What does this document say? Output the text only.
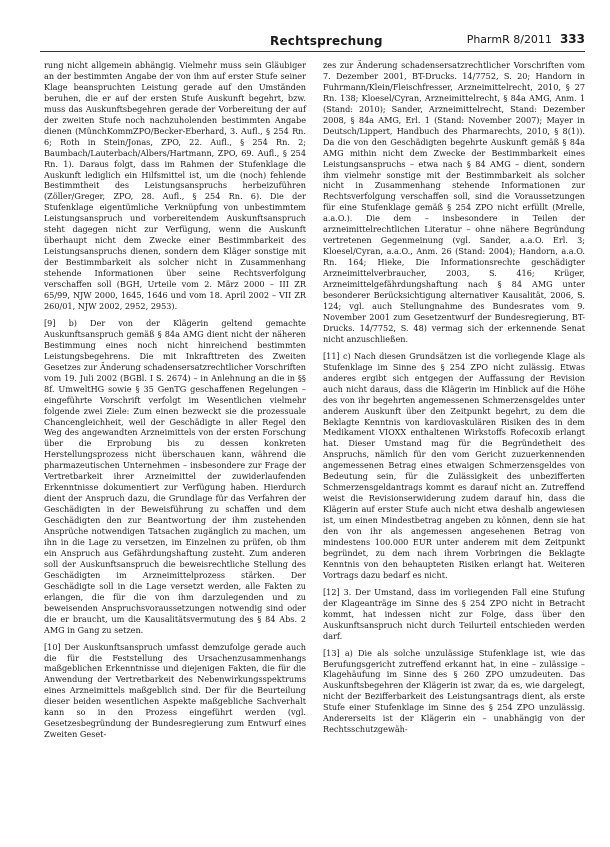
Rechtsprechung	PharmR 8/2011 333

rung nicht allgemein abhängig. Vielmehr muss sein Gläubiger an der bestimmten Angabe der von ihm auf erster Stufe seiner Klage beanspruchten Leistung gerade auf den Umständen beruhen, die er auf der ersten Stufe Auskunft begehrt, bzw. muss das Auskunftsbegehren gerade der Vorbereitung der auf der zweiten Stufe noch nachzuholenden bestimmten Angabe dienen (MünchKommZPO/Becker-Eberhard, 3. Aufl., § 254 Rn. 6; Roth in Stein/Jonas, ZPO, 22. Aufl., § 254 Rn. 2; Baumbach/Lauterbach/Albers/Hartmann, ZPO, 69. Aufl., § 254 Rn. 1). Daraus folgt, dass im Rahmen der Stufenklage die Auskunft lediglich ein Hilfsmittel ist, um die (noch) fehlende Bestimmtheit des Leistungsanspruchs herbeizuführen (Zöller/Greger, ZPO, 28. Aufl., § 254 Rn. 6). Die der Stufenklage eigentümliche Verknüpfung von unbestimmtem Leistungsanspruch und vorbereitendem Auskunftsanspruch steht dagegen nicht zur Verfügung, wenn die Auskunft überhaupt nicht dem Zwecke einer Bestimmbarkeit des Leistungsanspruchs dienen, sondern dem Kläger sonstige mit der Bestimmbarkeit als solcher nicht in Zusammenhang stehende Informationen über seine Rechtsverfolgung verschaffen soll (BGH, Urteile vom 2. März 2000 – III ZR 65/99, NJW 2000, 1645, 1646 und vom 18. April 2002 – VII ZR 260/01, NJW 2002, 2952, 2953).

[9] b) Der von der Klägerin geltend gemachte Auskunftsanspruch gemäß § 84a AMG dient nicht der näheren Bestimmung eines noch nicht hinreichend bestimmten Leistungsbegehrens. Die mit Inkrafttreten des Zweiten Gesetzes zur Änderung schadensersatzrechtlicher Vorschriften vom 19. Juli 2002 (BGBl. I S. 2674) – in Anlehnung an die in §§ 8f. UmweltHG sowie § 35 GenTG geschaffenen Regelungen – eingeführte Vorschrift verfolgt im Wesentlichen vielmehr folgende zwei Ziele: Zum einen bezweckt sie die prozessuale Chancengleichheit, weil der Geschädigte in aller Regel den Weg des angewandten Arzneimittels von der ersten Forschung über die Erprobung bis zu dessen konkreten Herstellungsprozess nicht überschauen kann, während die pharmazeutischen Unternehmen – insbesondere zur Frage der Vertretbarkeit ihrer Arzneimittel der zuwiderlaufenden Erkenntnisse dokumentiert zur Verfügung haben. Hierdurch dient der Anspruch dazu, die Grundlage für das Verfahren der Geschädigten in der Beweisführung zu schaffen und dem Geschädigten den zur Beantwortung der ihm zustehenden Ansprüche notwendigen Tatsachen zugänglich zu machen, um ihn in die Lage zu versetzen, im Einzelnen zu prüfen, ob ihm ein Anspruch aus Gefährdungshaftung zusteht. Zum anderen soll der Auskunftsanspruch die beweisrechtliche Stellung des Geschädigten im Arzneimittelprozess stärken. Der Geschädigte soll in die Lage versetzt werden, alle Fakten zu erlangen, die für die von ihm darzulegenden und zu beweisenden Anspruchsvoraussetzungen notwendig sind oder die er braucht, um die Kausalitätsvermutung des § 84 Abs. 2 AMG in Gang zu setzen.

[10] Der Auskunftsanspruch umfasst demzufolge gerade auch die für die Feststellung des Ursachenzusammenhangs maßgeblichen Erkenntnisse und diejenigen Fakten, die für die Anwendung der Vertretbarkeit des Nebenwirkungsspektrums eines Arzneimittels maßgeblich sind. Der für die Beurteilung dieser beiden wesentlichen Aspekte maßgebliche Sachverhalt kann so in den Prozess eingeführt werden (vgl. Gesetzesbegründung der Bundesregierung zum Entwurf eines Zweiten Geset-

zes zur Änderung schadensersatzrechtlicher Vorschriften vom 7. Dezember 2001, BT-Drucks. 14/7752, S. 20; Handorn in Fuhrmann/Klein/Fleischfresser, Arzneimittelrecht, 2010, § 27 Rn. 138; Kloesel/Cyran, Arzneimittelrecht, § 84a AMG, Anm. 1 (Stand: 2010); Sander, Arzneimittelrecht, Stand: Dezember 2008, § 84a AMG, Erl. 1 (Stand: November 2007); Mayer in Deutsch/Lippert, Handbuch des Pharmarechts, 2010, § 8(1)). Da die von den Geschädigten begehrte Auskunft gemäß § 84a AMG mithin nicht dem Zwecke der Bestimmbarkeit eines Leistungsanspruchs – etwa nach § 84 AMG – dient, sondern ihm vielmehr sonstige mit der Bestimmbarkeit als solcher nicht in Zusammenhang stehende Informationen zur Rechtsverfolgung verschaffen soll, sind die Voraussetzungen für eine Stufenklage gemäß § 254 ZPO nicht erfüllt (Mrelle, a.a.O.). Die dem – insbesondere in Teilen der arzneimittelrechtlichen Literatur – ohne nähere Begründung vertretenen Gegenmeinung (vgl. Sander, a.a.O. Erl. 3; Kloesel/Cyran, a.a.O., Anm. 26 (Stand: 2004); Handorn, a.a.O. Rn. 164; Hieke, Die Informationsrechte geschädigter Arzneimittelverbraucher, 2003, S. 416; Krüger, Arzneimittelgefährdungshaftung nach § 84 AMG unter besonderer Berücksichtigung alternativer Kausalität, 2006, S. 124; vgl. auch Stellungnahme des Bundesrates vom 9. November 2001 zum Gesetzentwurf der Bundesregierung, BT-Drucks. 14/7752, S. 48) vermag sich der erkennende Senat nicht anzuschließen.

[11] c) Nach diesen Grundsätzen ist die vorliegende Klage als Stufenklage im Sinne des § 254 ZPO nicht zulässig. Etwas anderes ergibt sich entgegen der Auffassung der Revision auch nicht daraus, dass die Klägerin im Hinblick auf die Höhe des von ihr begehrten angemessenen Schmerzensgeldes unter anderem Auskunft über den Zeitpunkt begehrt, zu dem die Beklagte Kenntnis von kardiovaskulären Risiken des in dem Medikament VIOXX enthaltenen Wirkstoffs Rofecoxib erlangt hat. Dieser Umstand mag für die Begründetheit des Anspruchs, nämlich für den vom Gericht zuzuerkennenden angemessenen Betrag eines etwaigen Schmerzensgeldes von Bedeutung sein, für die Zulässigkeit des unbezifferten Schmerzensgeldantrags kommt es darauf nicht an. Zutreffend weist die Revisionserwiderung zudem darauf hin, dass die Klägerin auf erster Stufe auch nicht etwa deshalb angewiesen ist, um einen Mindestbetrag angeben zu können, denn sie hat den von ihr als angemessen angesehenen Betrag von mindestens 100.000 EUR unter anderem mit dem Zeitpunkt begründet, zu dem nach ihrem Vorbringen die Beklagte Kenntnis von den behaupteten Risiken erlangt hat. Weiteren Vortrags dazu bedarf es nicht.

[12] 3. Der Umstand, dass im vorliegenden Fall eine Stufung der Klageanträge im Sinne des § 254 ZPO nicht in Betracht kommt, hat indessen nicht zur Folge, dass über den Auskunftsanspruch nicht durch Teilurteil entschieden werden darf.

[13] a) Die als solche unzulässige Stufenklage ist, wie das Berufungsgericht zutreffend erkannt hat, in eine – zulässige – Klagehäufung im Sinne des § 260 ZPO umzudeuten. Das Auskunftsbegehren der Klägerin ist zwar, da es, wie dargelegt, nicht der Bezifferbarkeit des Leistungsantrags dient, als erste Stufe einer Stufenklage im Sinne des § 254 ZPO unzulässig. Andererseits ist der Klägerin ein – unabhängig von der Rechtsschutzgewäh-
